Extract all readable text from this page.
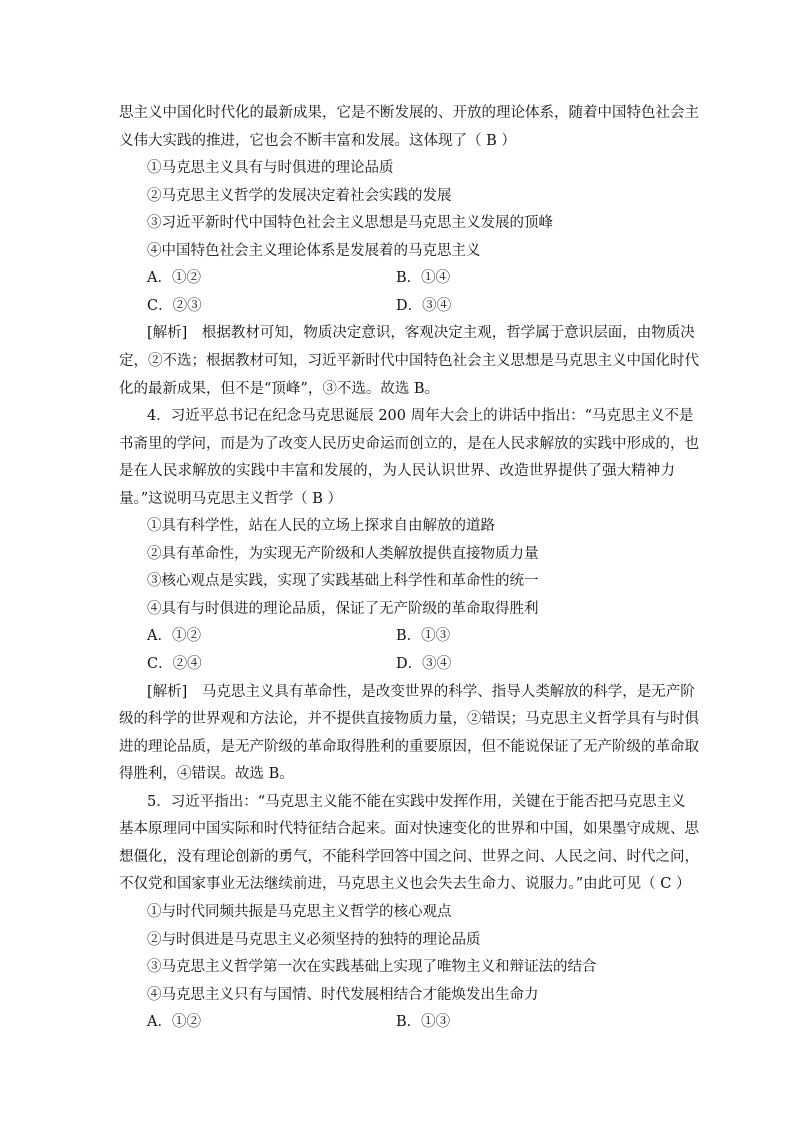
思主义中国化时代化的最新成果，它是不断发展的、开放的理论体系，随着中国特色社会主
义伟大实践的推进，它也会不断丰富和发展。这体现了（ B ）
①马克思主义具有与时俱进的理论品质
②马克思主义哲学的发展决定着社会实践的发展
③习近平新时代中国特色社会主义思想是马克思主义发展的顶峰
④中国特色社会主义理论体系是发展着的马克思主义
A．①②	B．①④
C．②③	D．③④
[解析]　根据教材可知，物质决定意识，客观决定主观，哲学属于意识层面，由物质决
定，②不选；根据教材可知，习近平新时代中国特色社会主义思想是马克思主义中国化时代
化的最新成果，但不是“顶峰”，③不选。故选 B。
4．习近平总书记在纪念马克思诞辰 200 周年大会上的讲话中指出：“马克思主义不是
书斋里的学问，而是为了改变人民历史命运而创立的，是在人民求解放的实践中形成的，也
是在人民求解放的实践中丰富和发展的，为人民认识世界、改造世界提供了强大精神力
量。”这说明马克思主义哲学（ B ）
①具有科学性，站在人民的立场上探求自由解放的道路
②具有革命性，为实现无产阶级和人类解放提供直接物质力量
③核心观点是实践，实现了实践基础上科学性和革命性的统一
④具有与时俱进的理论品质，保证了无产阶级的革命取得胜利
A．①②	B．①③
C．②④	D．③④
[解析]　马克思主义具有革命性，是改变世界的科学、指导人类解放的科学，是无产阶
级的科学的世界观和方法论，并不提供直接物质力量，②错误；马克思主义哲学具有与时俱
进的理论品质，是无产阶级的革命取得胜利的重要原因，但不能说保证了无产阶级的革命取
得胜利，④错误。故选 B。
5．习近平指出：“马克思主义能不能在实践中发挥作用，关键在于能否把马克思主义
基本原理同中国实际和时代特征结合起来。面对快速变化的世界和中国，如果墨守成规、思
想僵化，没有理论创新的勇气，不能科学回答中国之问、世界之问、人民之问、时代之问，
不仅党和国家事业无法继续前进，马克思主义也会失去生命力、说服力。”由此可见（ C ）
①与时代同频共振是马克思主义哲学的核心观点
②与时俱进是马克思主义必须坚持的独特的理论品质
③马克思主义哲学第一次在实践基础上实现了唯物主义和辩证法的结合
④马克思主义只有与国情、时代发展相结合才能焕发出生命力
A．①②	B．①③
